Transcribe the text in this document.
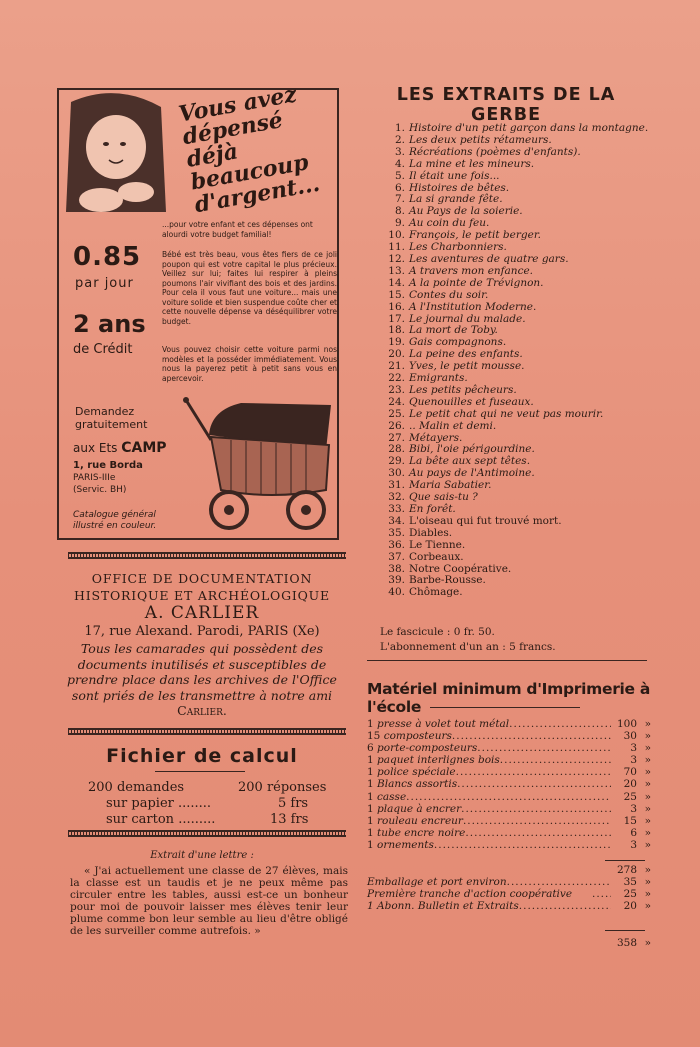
Vous avez dépensé déjà beaucoup d'argent...
...pour votre enfant et ces dépenses ont alourdi votre budget familial!
Bébé est très beau, vous êtes fiers de ce joli poupon qui est votre capital le plus précieux. Veillez sur lui; faites lui respirer à pleins poumons l'air vivifiant des bois et des jardins. Pour cela il vous faut une voiture... mais une voiture solide et bien suspendue coûte cher et cette nouvelle dépense va déséquilibrer votre budget.
Vous pouvez choisir cette voiture parmi nos modèles et la posséder immédiatement. Vous nous la payerez petit à petit sans vous en apercevoir.
0.85
par jour
2 ans
de Crédit
Demandez gratuitement
aux Ets CAMP
1, rue Borda
PARIS-IIIe
(Servic. BH)
Catalogue général illustré en couleur.
OFFICE DE DOCUMENTATION
HISTORIQUE ET ARCHÉOLOGIQUE
A. CARLIER
17, rue Alexand. Parodi, PARIS (Xe)
Tous les camarades qui possèdent des documents inutilisés et susceptibles de prendre place dans les archives de l'Office sont priés de les transmettre à notre ami Carlier.
Fichier de calcul
200 demandes	200 réponses
sur papier ........	5 frs
sur carton .........	13 frs
Extrait d'une lettre :
« J'ai actuellement une classe de 27 élèves, mais la classe est un taudis et je ne peux même pas circuler entre les tables, aussi est-ce un bonheur pour moi de pouvoir laisser mes élèves tenir leur plume comme bon leur semble au lieu d'être obligé de les surveiller comme autrefois. »
LES EXTRAITS DE LA GERBE
1. Histoire d'un petit garçon dans la montagne.
2. Les deux petits rétameurs.
3. Récréations (poèmes d'enfants).
4. La mine et les mineurs.
5. Il était une fois...
6. Histoires de bêtes.
7. La si grande fête.
8. Au Pays de la soierie.
9. Au coin du feu.
10. François, le petit berger.
11. Les Charbonniers.
12. Les aventures de quatre gars.
13. A travers mon enfance.
14. A la pointe de Trévignon.
15. Contes du soir.
16. A l'Institution Moderne.
17. Le journal du malade.
18. La mort de Toby.
19. Gais compagnons.
20. La peine des enfants.
21. Yves, le petit mousse.
22. Emigrants.
23. Les petits pêcheurs.
24. Quenouilles et fuseaux.
25. Le petit chat qui ne veut pas mourir.
26. .. Malin et demi.
27. Métayers.
28. Bibi, l'oie périgourdine.
29. La bête aux sept têtes.
30. Au pays de l'Antimoine.
31. Maria Sabatier.
32. Que sais-tu ?
33. En forêt.
34. L'oiseau qui fut trouvé mort.
35. Diables.
36. Le Tienne.
37. Corbeaux.
38. Notre Coopérative.
39. Barbe-Rousse.
40. Chômage.
Le fascicule : 0 fr. 50.
L'abonnement d'un an : 5 francs.
Matériel minimum d'Imprimerie à l'école
1 presse à volet tout métal .....	100 »
15 composteurs .....	30 »
6 porte-composteurs .....	3 »
1 paquet interlignes bois .....	3 »
1 police spéciale .....	70 »
1 Blancs assortis .....	20 »
1 casse .....	25 »
1 plaque à encrer .....	3 »
1 rouleau encreur .....	15 »
1 tube encre noire .....	6 »
1 ornements .....	3 »
278 »
Emballage et port environ .....	35 »
Première tranche d'action coopérative .....	25 »
1 Abonn. Bulletin et Extraits .....	20 »
358 »
